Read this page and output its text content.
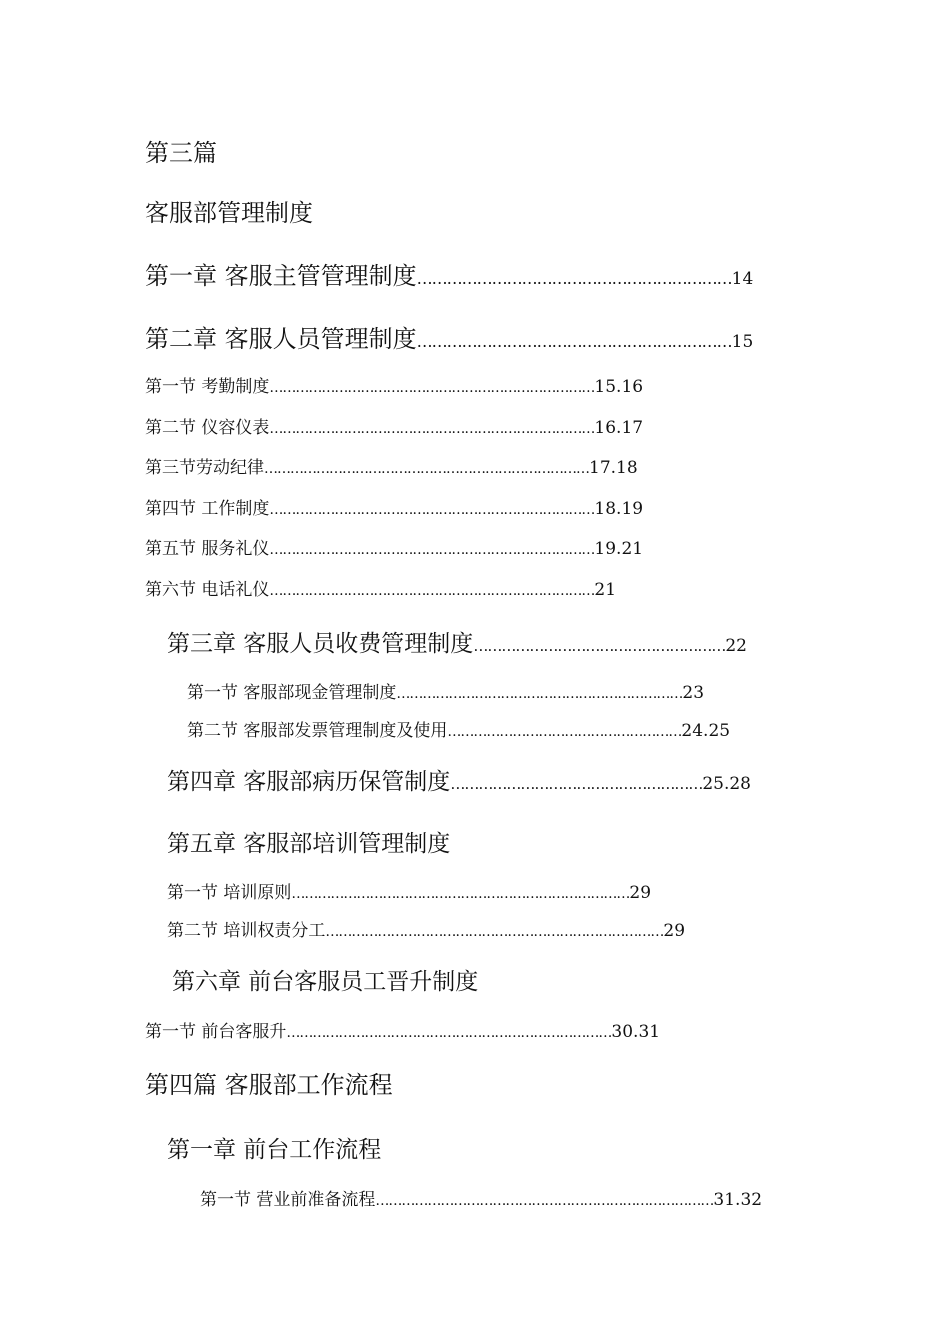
第三篇
客服部管理制度
第一章 客服主管管理制度………………………………………………………14
第二章 客服人员管理制度………………………………………………………15
第一节 考勤制度…………………………………………………………………15.16
第二节 仪容仪表…………………………………………………………………16.17
第三节劳动纪律…………………………………………………………………17.18
第四节 工作制度…………………………………………………………………18.19
第五节 服务礼仪…………………………………………………………………19.21
第六节 电话礼仪…………………………………………………………………21
第三章 客服人员收费管理制度………………………………………………22
第一节 客服部现金管理制度…………………………………………………………23
第二节 客服部发票管理制度及使用………………………………………………24.25
第四章 客服部病历保管制度………………………………………………25.28
第五章 客服部培训管理制度
第一节 培训原则……………………………………………………………………29
第二节 培训权责分工……………………………………………………………………29
第六章 前台客服员工晋升制度
第一节 前台客服升…………………………………………………………………30.31
第四篇 客服部工作流程
第一章 前台工作流程
第一节 营业前准备流程……………………………………………………………………31.32
